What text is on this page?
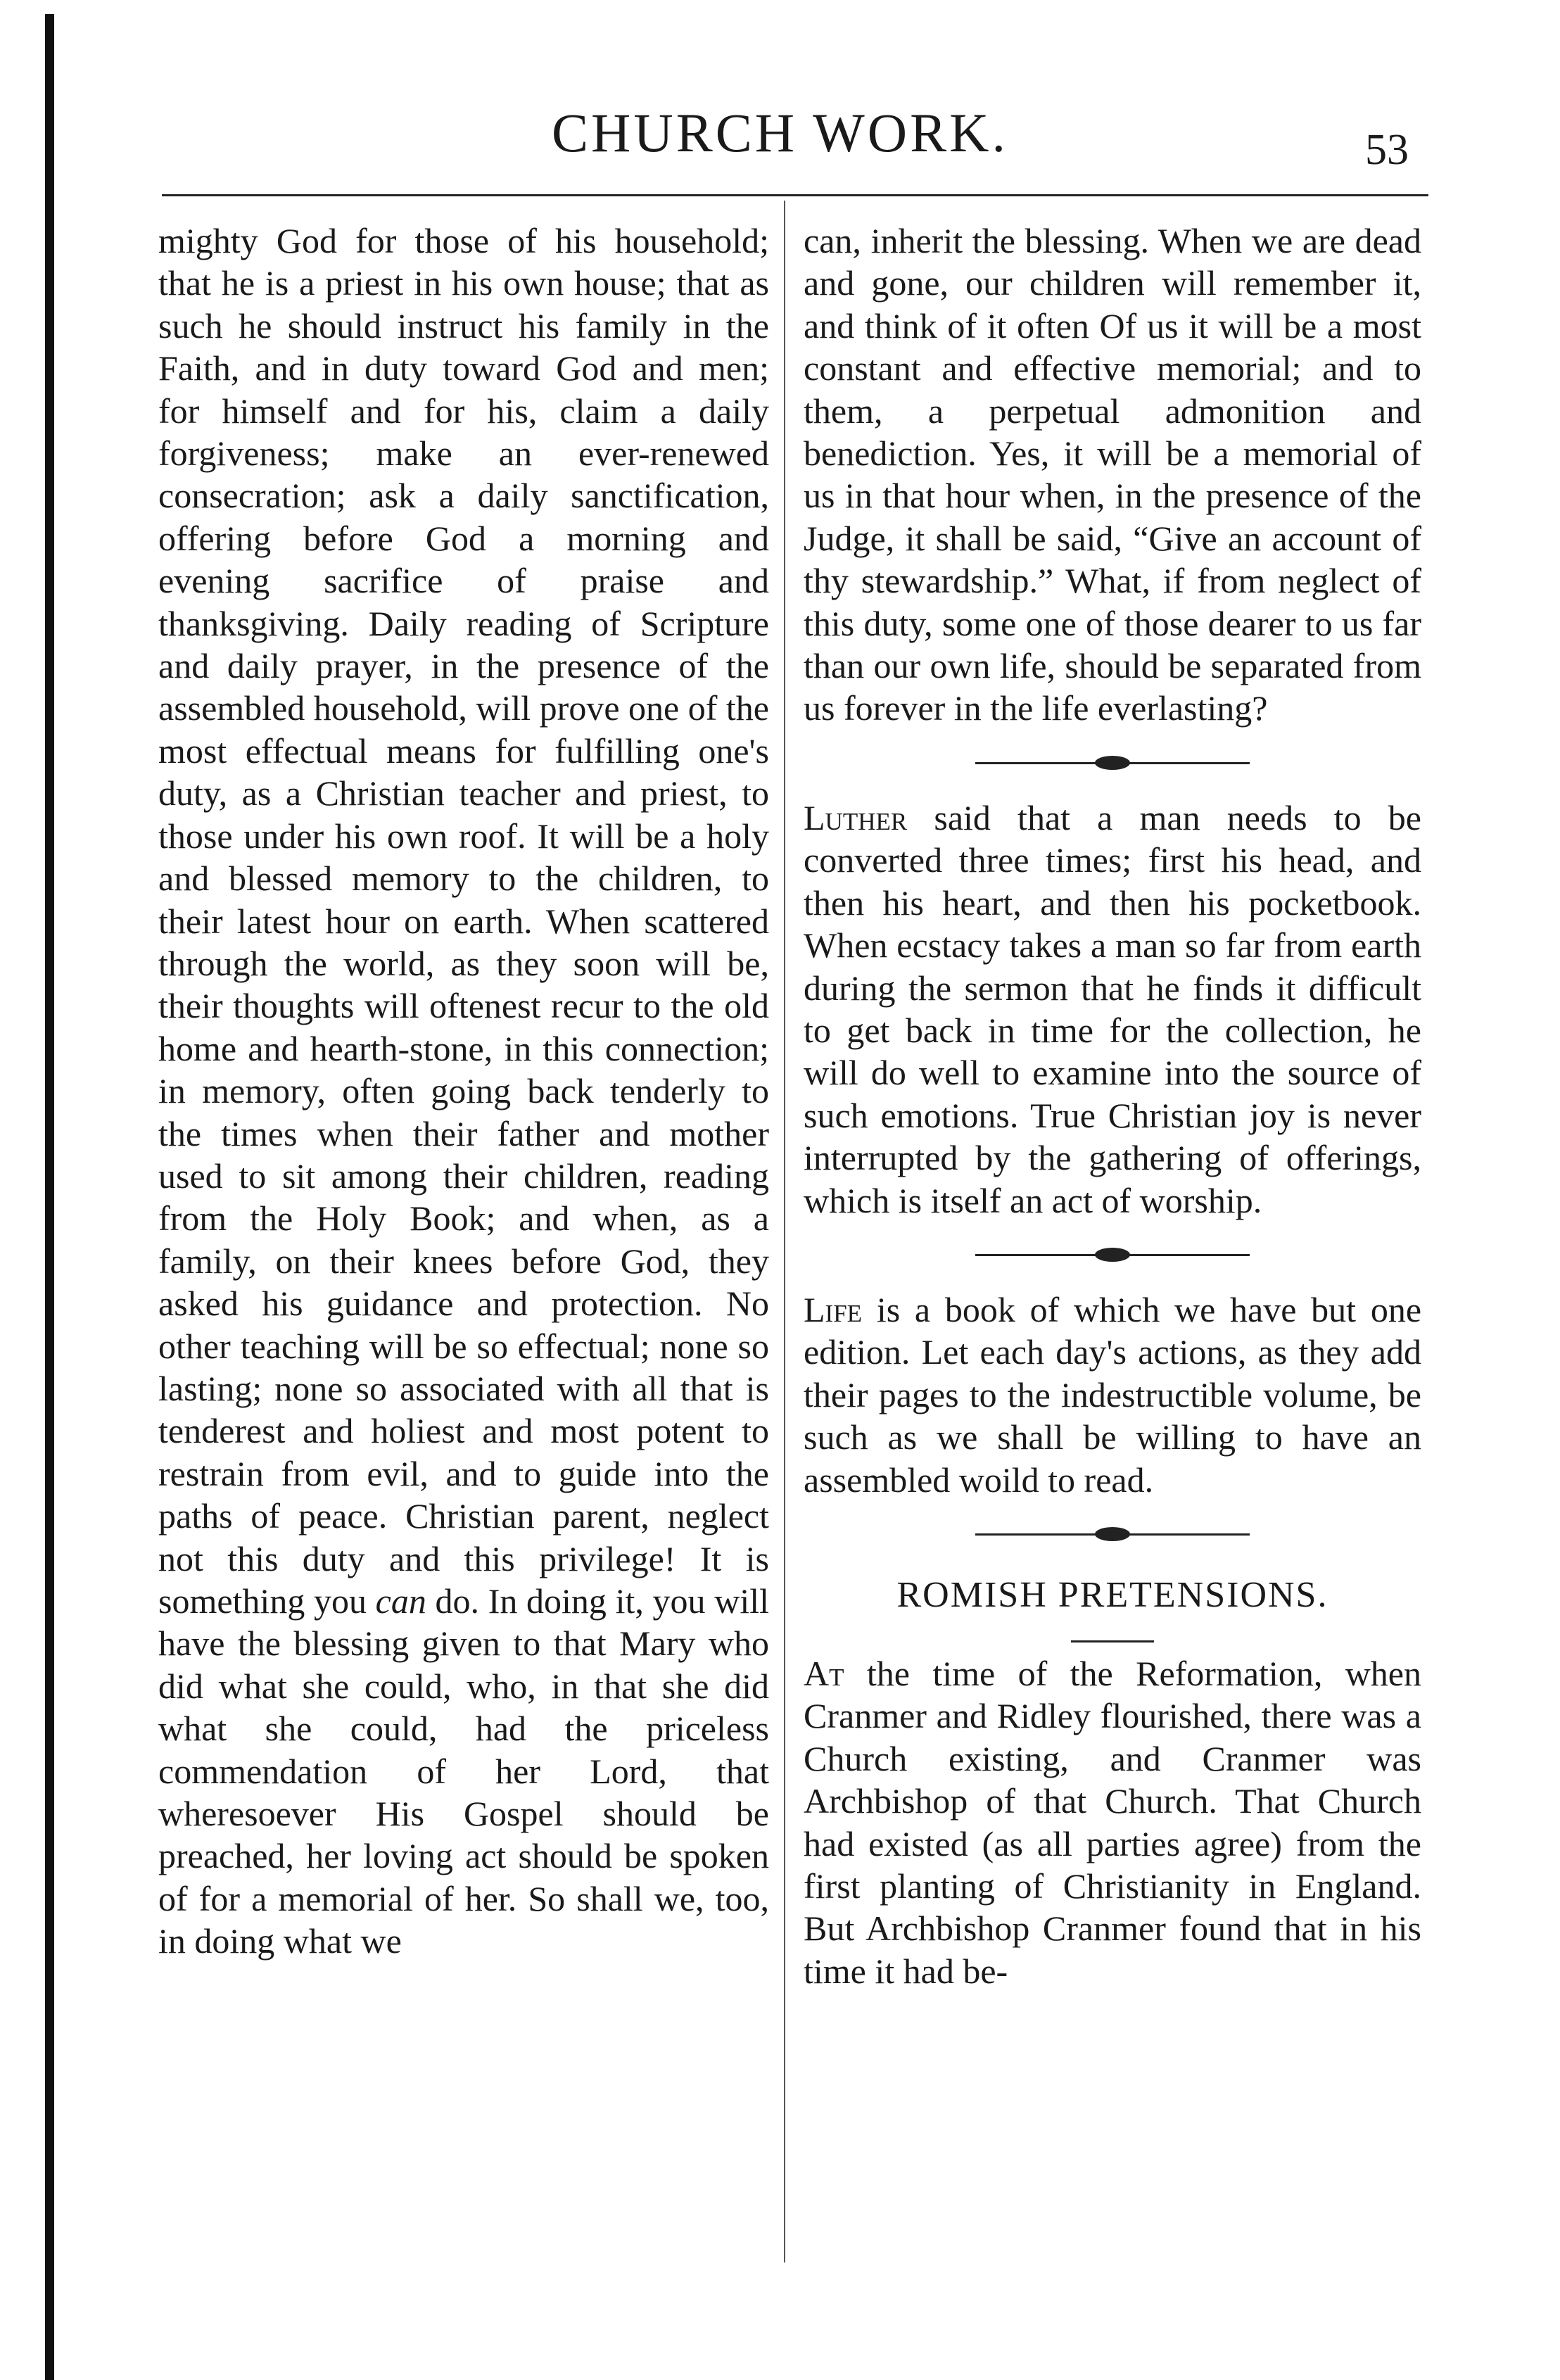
CHURCH WORK.	53

mighty God for those of his household; that he is a priest in his own house; that as such he should instruct his family in the Faith, and in duty toward God and men; for himself and for his, claim a daily forgiveness; make an ever-renewed consecration; ask a daily sanctification, offering before God a morning and evening sacrifice of praise and thanksgiving. Daily reading of Scripture and daily prayer, in the presence of the assembled household, will prove one of the most effectual means for fulfilling one's duty, as a Christian teacher and priest, to those under his own roof. It will be a holy and blessed memory to the children, to their latest hour on earth. When scattered through the world, as they soon will be, their thoughts will oftenest recur to the old home and hearth-stone, in this connection; in memory, often going back tenderly to the times when their father and mother used to sit among their children, reading from the Holy Book; and when, as a family, on their knees before God, they asked his guidance and protection. No other teaching will be so effectual; none so lasting; none so associated with all that is tenderest and holiest and most potent to restrain from evil, and to guide into the paths of peace. Christian parent, neglect not this duty and this privilege! It is something you can do. In doing it, you will have the blessing given to that Mary who did what she could, who, in that she did what she could, had the priceless commendation of her Lord, that wheresoever His Gospel should be preached, her loving act should be spoken of for a memorial of her. So shall we, too, in doing what we

can, inherit the blessing. When we are dead and gone, our children will remember it, and think of it often Of us it will be a most constant and effective memorial; and to them, a perpetual admonition and benediction. Yes, it will be a memorial of us in that hour when, in the presence of the Judge, it shall be said, “Give an account of thy stewardship.” What, if from neglect of this duty, some one of those dearer to us far than our own life, should be separated from us forever in the life everlasting?

Luther said that a man needs to be converted three times; first his head, and then his heart, and then his pocketbook. When ecstacy takes a man so far from earth during the sermon that he finds it difficult to get back in time for the collection, he will do well to examine into the source of such emotions. True Christian joy is never interrupted by the gathering of offerings, which is itself an act of worship.

Life is a book of which we have but one edition. Let each day's actions, as they add their pages to the indestructible volume, be such as we shall be willing to have an assembled woild to read.

ROMISH PRETENSIONS.

At the time of the Reformation, when Cranmer and Ridley flourished, there was a Church existing, and Cranmer was Archbishop of that Church. That Church had existed (as all parties agree) from the first planting of Christianity in England. But Archbishop Cranmer found that in his time it had be-
